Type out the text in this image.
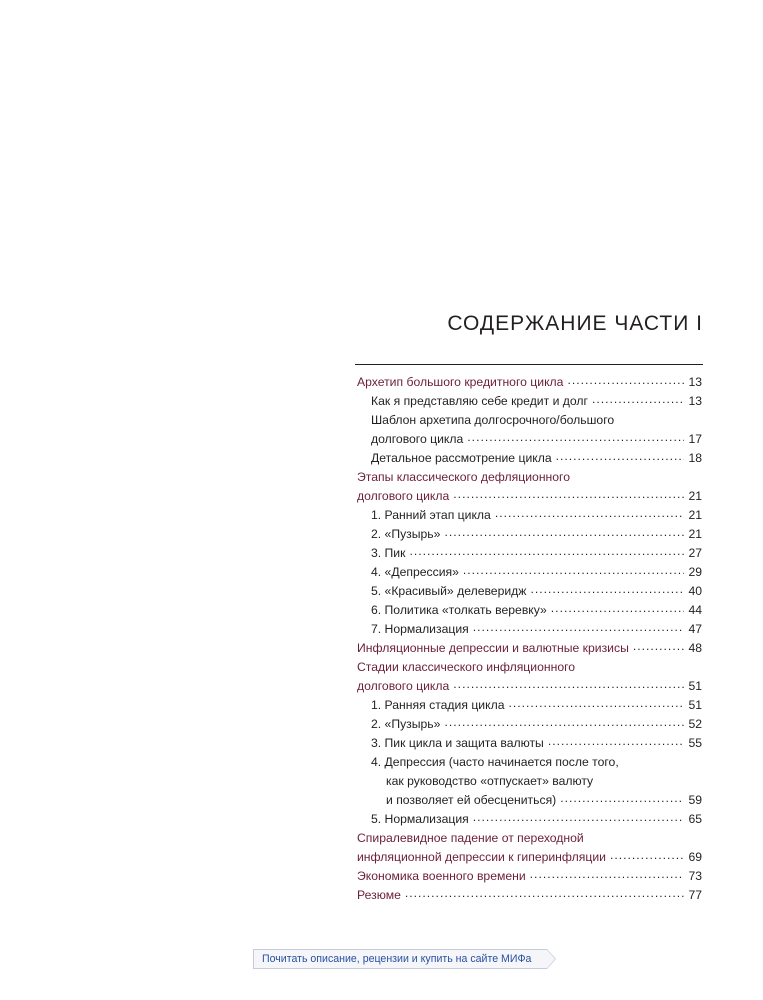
СОДЕРЖАНИЕ ЧАСТИ I
Архетип большого кредитного цикла .....	13
Как я представляю себе кредит и долг .....	13
Шаблон архетипа долгосрочного/большого
долгового цикла .....	17
Детальное рассмотрение цикла .....	18
Этапы классического дефляционного
долгового цикла .....	21
1. Ранний этап цикла .....	21
2. «Пузырь» .....	21
3. Пик .....	27
4. «Депрессия» .....	29
5. «Красивый» делеверидж .....	40
6. Политика «толкать веревку» .....	44
7. Нормализация .....	47
Инфляционные депрессии и валютные кризисы .....	48
Стадии классического инфляционного
долгового цикла .....	51
1. Ранняя стадия цикла .....	51
2. «Пузырь» .....	52
3. Пик цикла и защита валюты .....	55
4. Депрессия (часто начинается после того,
как руководство «отпускает» валюту
и позволяет ей обесцениться) .....	59
5. Нормализация .....	65
Спиралевидное падение от переходной
инфляционной депрессии к гиперинфляции .....	69
Экономика военного времени .....	73
Резюме .....	77
Почитать описание, рецензии и купить на сайте МИФа
